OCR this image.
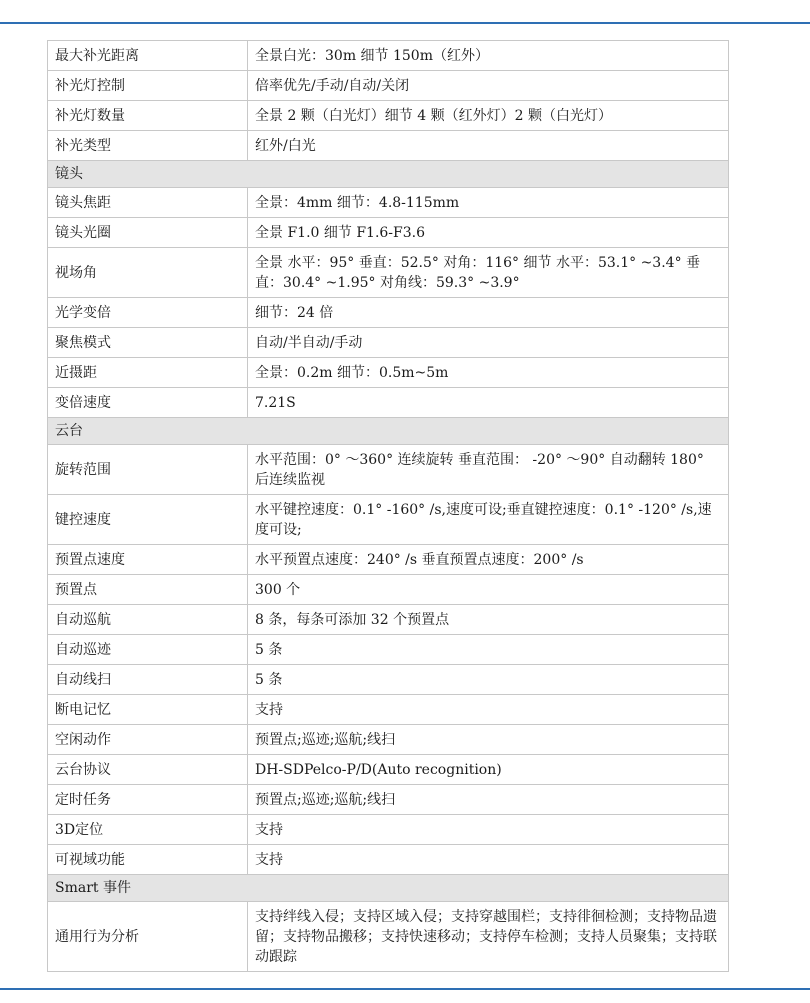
最大补光距离	全景白光：30m 细节 150m（红外）
补光灯控制	倍率优先/手动/自动/关闭
补光灯数量	全景 2 颗（白光灯）细节 4 颗（红外灯）2 颗（白光灯）
补光类型	红外/白光
镜头	
镜头焦距	全景：4mm 细节：4.8-115mm
镜头光圈	全景 F1.0 细节 F1.6-F3.6
视场角	全景 水平：95° 垂直：52.5° 对角：116° 细节 水平：53.1° ~3.4° 垂直：30.4° ~1.95° 对角线：59.3° ~3.9°
光学变倍	细节：24 倍
聚焦模式	自动/半自动/手动
近摄距	全景：0.2m 细节：0.5m~5m
变倍速度	7.21S
云台	
旋转范围	水平范围：0° ～360° 连续旋转 垂直范围： -20° ～90° 自动翻转 180° 后连续监视
键控速度	水平键控速度：0.1° -160° /s,速度可设;垂直键控速度：0.1° -120° /s,速度可设;
预置点速度	水平预置点速度：240° /s 垂直预置点速度：200° /s
预置点	300 个
自动巡航	8 条，每条可添加 32 个预置点
自动巡迹	5 条
自动线扫	5 条
断电记忆	支持
空闲动作	预置点;巡迹;巡航;线扫
云台协议	DH-SDPelco-P/D(Auto recognition)
定时任务	预置点;巡迹;巡航;线扫
3D定位	支持
可视域功能	支持
Smart 事件	
通用行为分析	支持绊线入侵；支持区域入侵；支持穿越围栏；支持徘徊检测；支持物品遗留；支持物品搬移；支持快速移动；支持停车检测；支持人员聚集；支持联动跟踪
